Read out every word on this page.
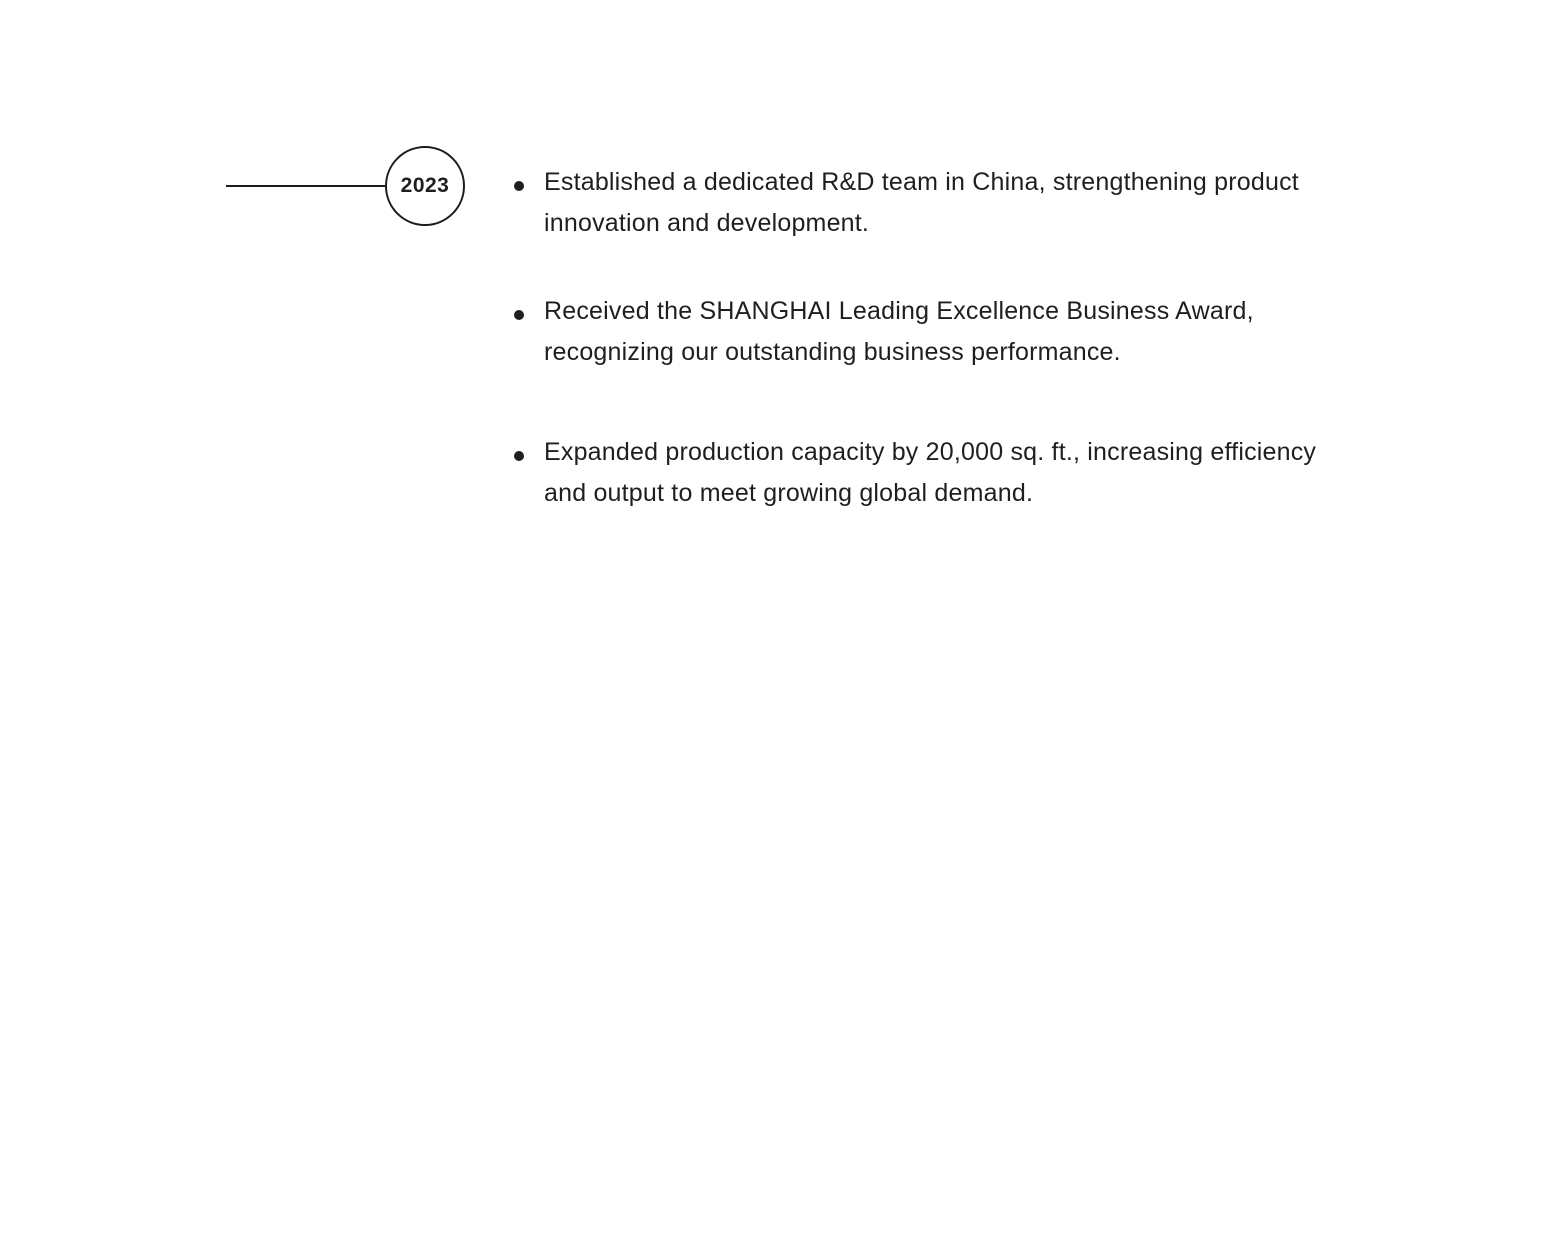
2023	Established a dedicated R&D team in China, strengthening product innovation and development.
Received the SHANGHAI Leading Excellence Business Award, recognizing our outstanding business performance.
Expanded production capacity by 20,000 sq. ft., increasing efficiency and output to meet growing global demand.
